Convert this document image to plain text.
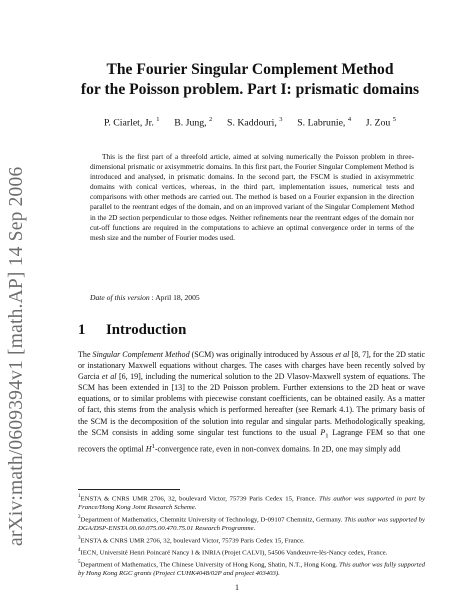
arXiv:math/0609394v1 [math.AP] 14 Sep 2006
The Fourier Singular Complement Method
for the Poisson problem. Part I: prismatic domains
P. Ciarlet, Jr. $^1$ B. Jung, $^2$ S. Kaddouri, $^3$ S. Labrunie, $^4$ J. Zou $^5$

This is the first part of a threefold article, aimed at solving numerically the Poisson problem in three-dimensional prismatic or axisymmetric domains. In this first part, the Fourier Singular Complement Method is introduced and analysed, in prismatic domains. In the second part, the FSCM is studied in axisymmetric domains with conical vertices, whereas, in the third part, implementation issues, numerical tests and comparisons with other methods are carried out. The method is based on a Fourier expansion in the direction parallel to the reentrant edges of the domain, and on an improved variant of the Singular Complement Method in the 2D section perpendicular to those edges. Neither refinements near the reentrant edges of the domain nor cut-off functions are required in the computations to achieve an optimal convergence order in terms of the mesh size and the number of Fourier modes used.

Date of this version : April 18, 2005
1 Introduction

The Singular Complement Method (SCM) was originally introduced by Assous et al [8, 7], for the 2D static or instationary Maxwell equations without charges. The cases with charges have been recently solved by Garcia et al [6, 19], including the numerical solution to the 2D Vlasov-Maxwell system of equations. The SCM has been extended in [13] to the 2D Poisson problem. Further extensions to the 2D heat or wave equations, or to similar problems with piecewise constant coefficients, can be obtained easily. As a matter of fact, this stems from the analysis which is performed hereafter (see Remark 4.1). The primary basis of the SCM is the decomposition of the solution into regular and singular parts. Methodologically speaking, the SCM consists in adding some singular test functions to the usual $P_1$ Lagrange FEM so that one recovers the optimal $H^1$-convergence rate, even in non-convex domains. In 2D, one may simply add

$^1$ENSTA & CNRS UMR 2706, 32, boulevard Victor, 75739 Paris Cedex 15, France. This author was supported in part by France/Hong Kong Joint Research Scheme.

$^2$Department of Mathematics, Chemnitz University of Technology, D-09107 Chemnitz, Germany. This author was supported by DGA/DSP-ENSTA 00.60.075.00.470.75.01 Research Programme.

$^3$ENSTA & CNRS UMR 2706, 32, boulevard Victor, 75739 Paris Cedex 15, France.

$^4$IECN, Université Henri Poincaré Nancy I & INRIA (Projet CALVI), 54506 Vandœuvre-lès-Nancy cedex, France.

$^5$Department of Mathematics, The Chinese University of Hong Kong, Shatin, N.T., Hong Kong. This author was fully supported by Hong Kong RGC grants (Project CUHK4048/02P and project 403403).

1
